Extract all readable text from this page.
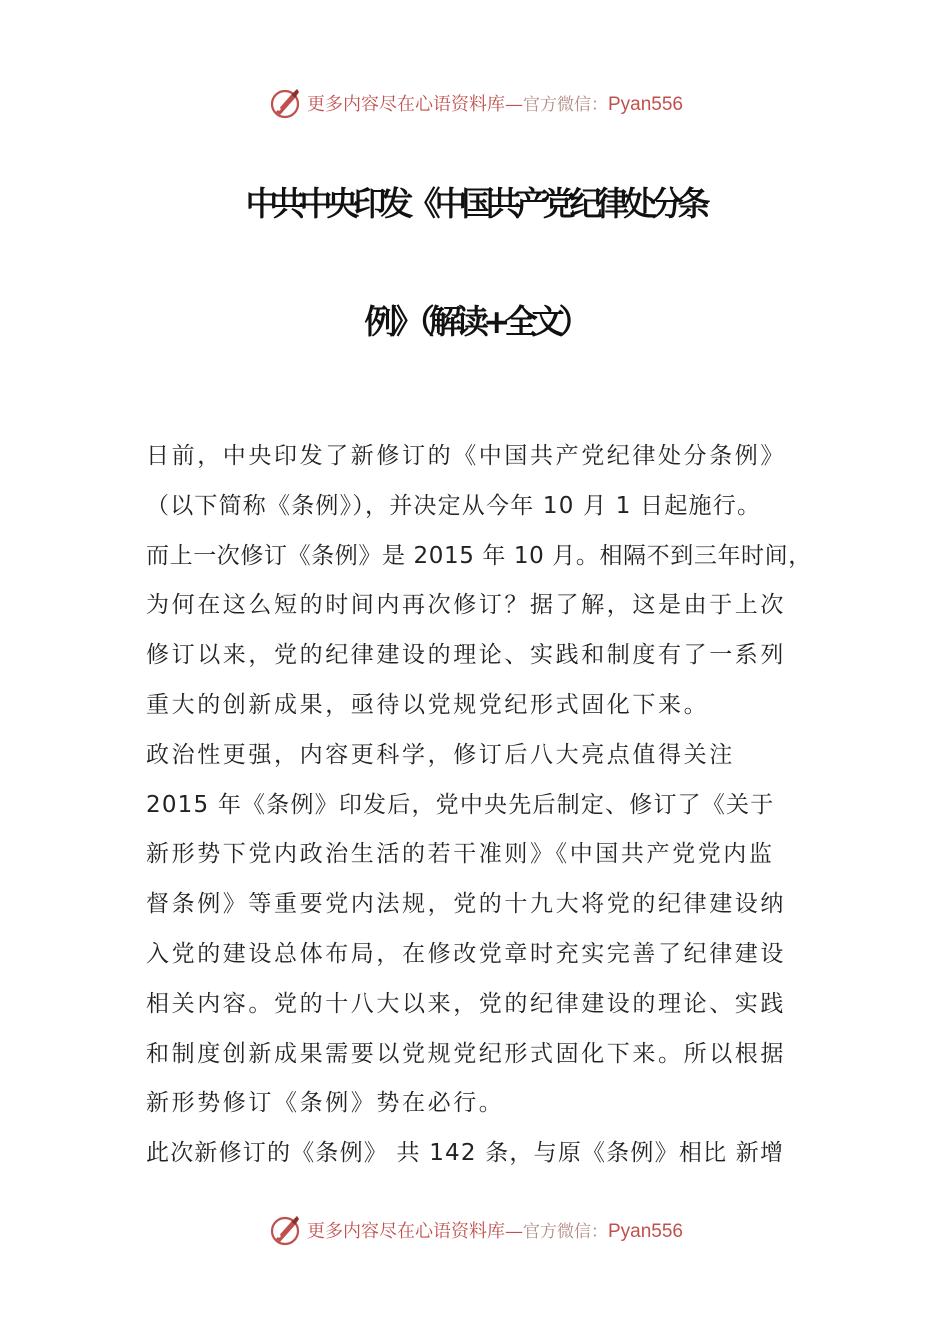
更多内容尽在心语资料库—官方微信：Pyan556
中共中央印发《中国共产党纪律处分条
例》（解读+全文）
日前，中央印发了新修订的《中国共产党纪律处分条例》
（以下简称《条例》），并决定从今年 10 月 1 日起施行。
而上一次修订《条例》是 2015 年 10 月。相隔不到三年时间，
为何在这么短的时间内再次修订？据了解，这是由于上次
修订以来，党的纪律建设的理论、实践和制度有了一系列
重大的创新成果，亟待以党规党纪形式固化下来。
政治性更强，内容更科学，修订后八大亮点值得关注
2015 年《条例》印发后，党中央先后制定、修订了《关于
新形势下党内政治生活的若干准则》《中国共产党党内监
督条例》等重要党内法规，党的十九大将党的纪律建设纳
入党的建设总体布局，在修改党章时充实完善了纪律建设
相关内容。党的十八大以来，党的纪律建设的理论、实践
和制度创新成果需要以党规党纪形式固化下来。所以根据
新形势修订《条例》势在必行。
此次新修订的《条例》 共 142 条，与原《条例》相比 新增
更多内容尽在心语资料库—官方微信：Pyan556
